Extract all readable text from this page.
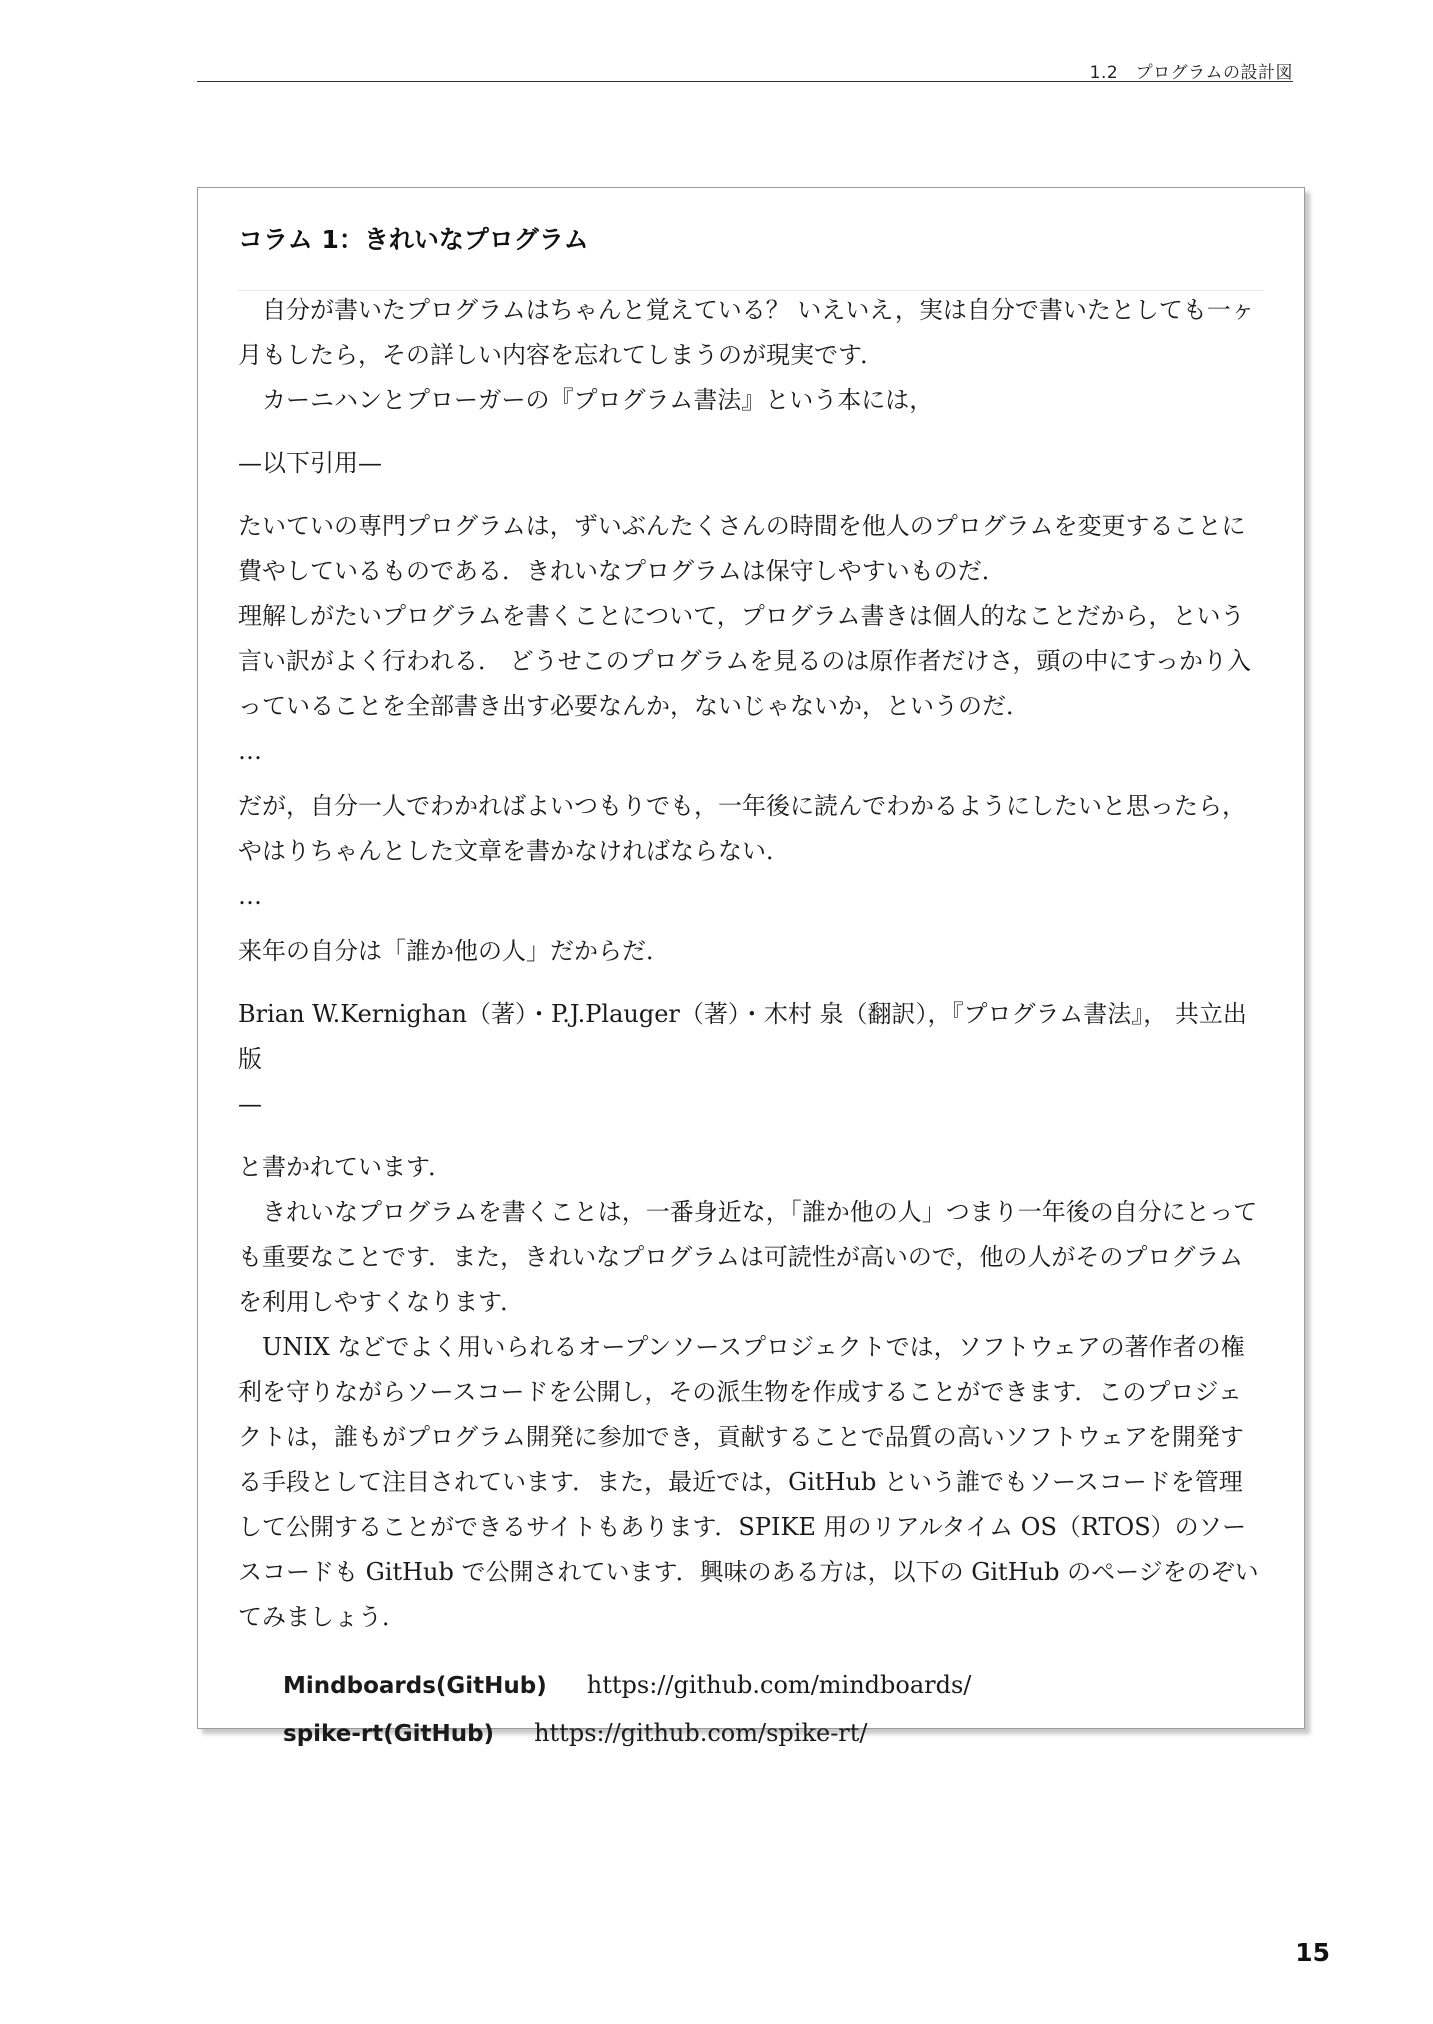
1.2　プログラムの設計図
コラム 1：きれいなプログラム

自分が書いたプログラムはちゃんと覚えている？ いえいえ，実は自分で書いたとしても一ヶ月もしたら，その詳しい内容を忘れてしまうのが現実です．

カーニハンとプローガーの『プログラム書法』という本には，

—以下引用—

たいていの専門プログラムは，ずいぶんたくさんの時間を他人のプログラムを変更することに費やしているものである．きれいなプログラムは保守しやすいものだ．

理解しがたいプログラムを書くことについて，プログラム書きは個人的なことだから，という言い訳がよく行われる． どうせこのプログラムを見るのは原作者だけさ，頭の中にすっかり入っていることを全部書き出す必要なんか，ないじゃないか，というのだ．

…

だが，自分一人でわかればよいつもりでも，一年後に読んでわかるようにしたいと思ったら，やはりちゃんとした文章を書かなければならない．

…

来年の自分は「誰か他の人」だからだ．

Brian W.Kernighan（著）・P.J.Plauger（著）・木村 泉（翻訳），『プログラム書法』， 共立出版

—

と書かれています．

きれいなプログラムを書くことは，一番身近な，「誰か他の人」つまり一年後の自分にとっても重要なことです．また，きれいなプログラムは可読性が高いので，他の人がそのプログラムを利用しやすくなります．

UNIX などでよく用いられるオープンソースプロジェクトでは，ソフトウェアの著作者の権利を守りながらソースコードを公開し，その派生物を作成することができます．このプロジェクトは，誰もがプログラム開発に参加でき，貢献することで品質の高いソフトウェアを開発する手段として注目されています．また，最近では，GitHub という誰でもソースコードを管理して公開することができるサイトもあります．SPIKE 用のリアルタイム OS（RTOS）のソースコードも GitHub で公開されています．興味のある方は，以下の GitHub のページをのぞいてみましょう．

Mindboards(GitHub) https://github.com/mindboards/
spike-rt(GitHub) https://github.com/spike-rt/
15
